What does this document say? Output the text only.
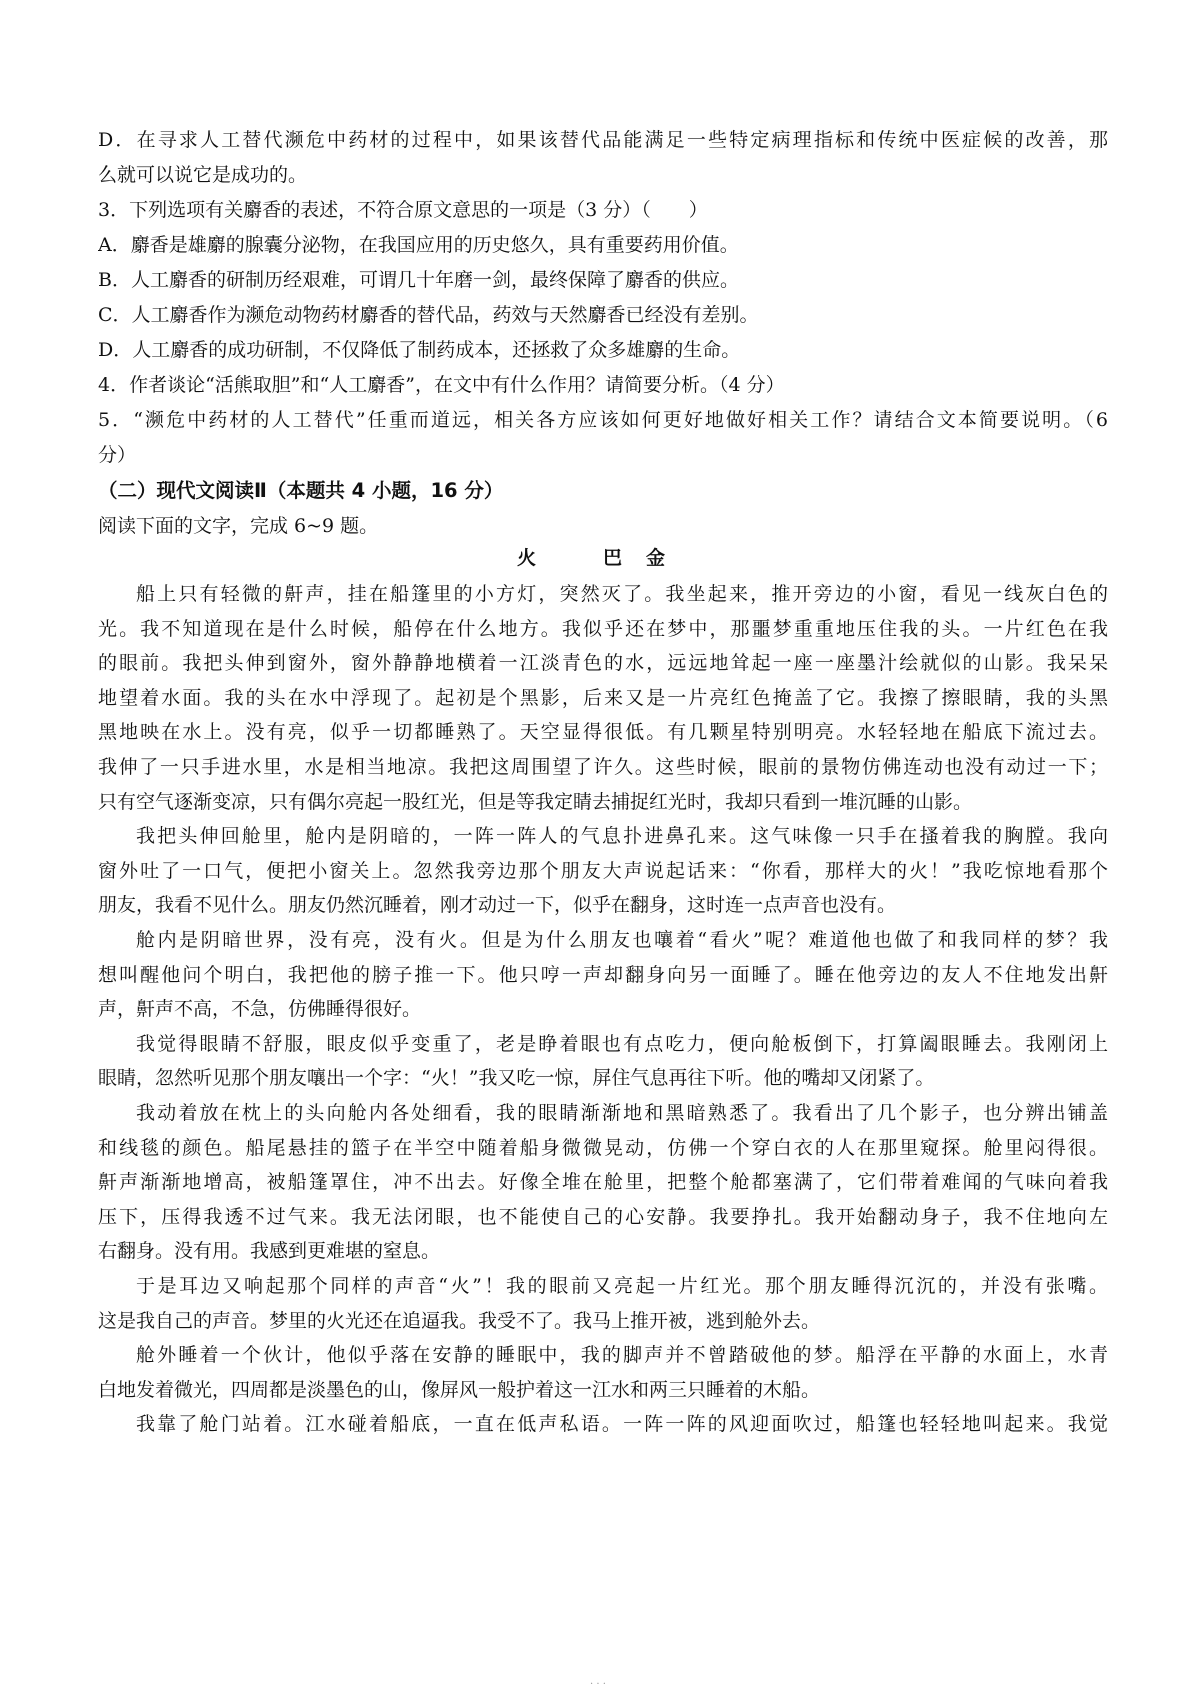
D．在寻求人工替代濒危中药材的过程中，如果该替代品能满足一些特定病理指标和传统中医症候的改善，那
么就可以说它是成功的。
3．下列选项有关麝香的表述，不符合原文意思的一项是（3 分）（　　）
A．麝香是雄麝的腺囊分泌物，在我国应用的历史悠久，具有重要药用价值。
B．人工麝香的研制历经艰难，可谓几十年磨一剑，最终保障了麝香的供应。
C．人工麝香作为濒危动物药材麝香的替代品，药效与天然麝香已经没有差别。
D．人工麝香的成功研制，不仅降低了制药成本，还拯救了众多雄麝的生命。
4．作者谈论“活熊取胆”和“人工麝香”，在文中有什么作用？请简要分析。（4 分）
5．“濒危中药材的人工替代”任重而道远，相关各方应该如何更好地做好相关工作？请结合文本简要说明。（6
分）
（二）现代文阅读Ⅱ（本题共 4 小题，16 分）
阅读下面的文字，完成 6~9 题。
火　巴金
船上只有轻微的鼾声，挂在船篷里的小方灯，突然灭了。我坐起来，推开旁边的小窗，看见一线灰白色的
光。我不知道现在是什么时候，船停在什么地方。我似乎还在梦中，那噩梦重重地压住我的头。一片红色在我
的眼前。我把头伸到窗外，窗外静静地横着一江淡青色的水，远远地耸起一座一座墨汁绘就似的山影。我呆呆
地望着水面。我的头在水中浮现了。起初是个黑影，后来又是一片亮红色掩盖了它。我擦了擦眼睛，我的头黑
黑地映在水上。没有亮，似乎一切都睡熟了。天空显得很低。有几颗星特别明亮。水轻轻地在船底下流过去。
我伸了一只手进水里，水是相当地凉。我把这周围望了许久。这些时候，眼前的景物仿佛连动也没有动过一下；
只有空气逐渐变凉，只有偶尔亮起一股红光，但是等我定睛去捕捉红光时，我却只看到一堆沉睡的山影。
我把头伸回舱里，舱内是阴暗的，一阵一阵人的气息扑进鼻孔来。这气味像一只手在搔着我的胸膛。我向
窗外吐了一口气，便把小窗关上。忽然我旁边那个朋友大声说起话来：“你看，那样大的火！”我吃惊地看那个
朋友，我看不见什么。朋友仍然沉睡着，刚才动过一下，似乎在翻身，这时连一点声音也没有。
舱内是阴暗世界，没有亮，没有火。但是为什么朋友也嚷着“看火”呢？难道他也做了和我同样的梦？我
想叫醒他问个明白，我把他的膀子推一下。他只哼一声却翻身向另一面睡了。睡在他旁边的友人不住地发出鼾
声，鼾声不高，不急，仿佛睡得很好。
我觉得眼睛不舒服，眼皮似乎变重了，老是睁着眼也有点吃力，便向舱板倒下，打算阖眼睡去。我刚闭上
眼睛，忽然听见那个朋友嚷出一个字：“火！”我又吃一惊，屏住气息再往下听。他的嘴却又闭紧了。
我动着放在枕上的头向舱内各处细看，我的眼睛渐渐地和黑暗熟悉了。我看出了几个影子，也分辨出铺盖
和线毯的颜色。船尾悬挂的篮子在半空中随着船身微微晃动，仿佛一个穿白衣的人在那里窥探。舱里闷得很。
鼾声渐渐地增高，被船篷罩住，冲不出去。好像全堆在舱里，把整个舱都塞满了，它们带着难闻的气味向着我
压下，压得我透不过气来。我无法闭眼，也不能使自己的心安静。我要挣扎。我开始翻动身子，我不住地向左
右翻身。没有用。我感到更难堪的窒息。
于是耳边又响起那个同样的声音“火”！我的眼前又亮起一片红光。那个朋友睡得沉沉的，并没有张嘴。
这是我自己的声音。梦里的火光还在追逼我。我受不了。我马上推开被，逃到舱外去。
舱外睡着一个伙计，他似乎落在安静的睡眠中，我的脚声并不曾踏破他的梦。船浮在平静的水面上，水青
白地发着微光，四周都是淡墨色的山，像屏风一般护着这一江水和两三只睡着的木船。
我靠了舱门站着。江水碰着船底，一直在低声私语。一阵一阵的风迎面吹过，船篷也轻轻地叫起来。我觉
. . .
